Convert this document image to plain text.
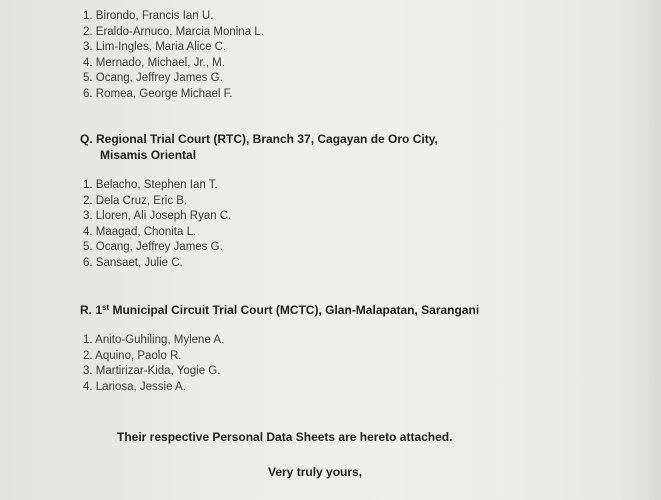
1. Birondo, Francis Ian U.
2. Eraldo-Arnuco, Marcia Monina L.
3. Lim-Ingles, Maria Alice C.
4. Mernado, Michael, Jr., M.
5. Ocang, Jeffrey James G.
6. Romea, George Michael F.
Q. Regional Trial Court (RTC), Branch 37, Cagayan de Oro City,
Misamis Oriental
1. Belacho, Stephen Ian T.
2. Dela Cruz, Eric B.
3. Lloren, Ali Joseph Ryan C.
4. Maagad, Chonita L.
5. Ocang, Jeffrey James G.
6. Sansaet, Julie C.
R. 1st Municipal Circuit Trial Court (MCTC), Glan-Malapatan, Sarangani
1. Anito-Guhiling, Mylene A.
2. Aquino, Paolo R.
3. Martirizar-Kida, Yogie G.
4. Lariosa, Jessie A.
Their respective Personal Data Sheets are hereto attached.
Very truly yours,
